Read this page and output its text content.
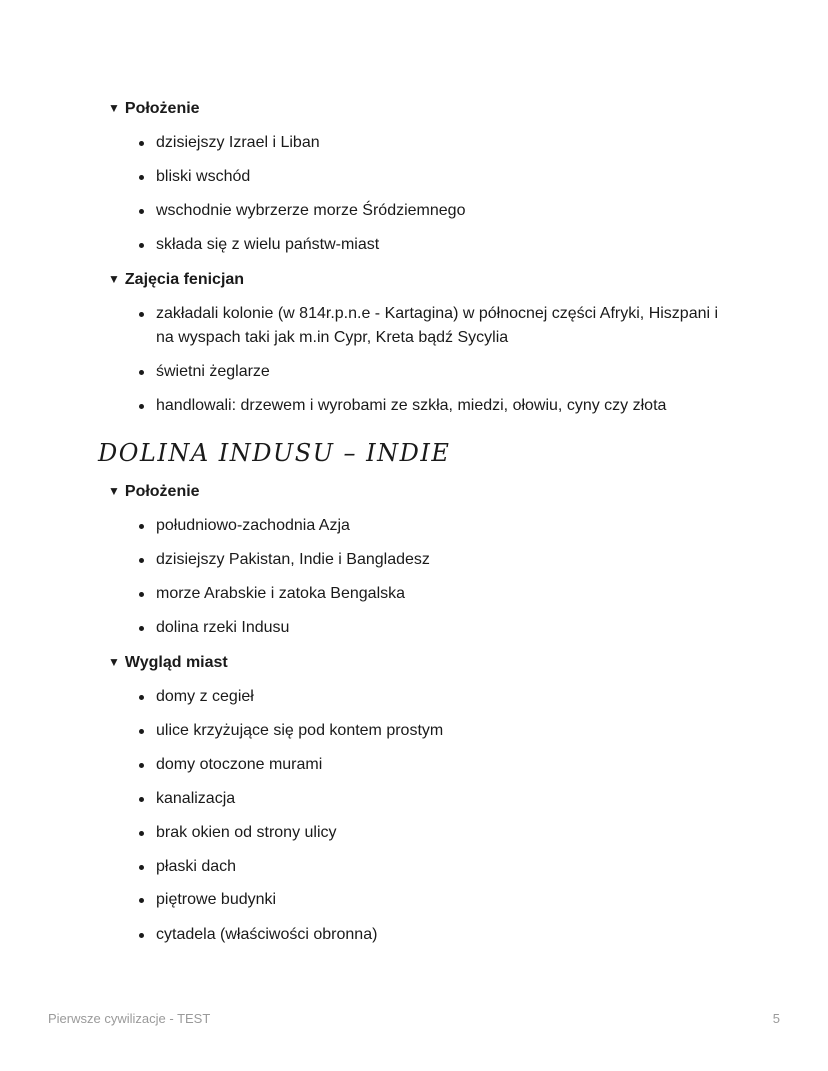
▼ Położenie
dzisiejszy Izrael i Liban
bliski wschód
wschodnie wybrzerze morze Śródziemnego
składa się z wielu państw-miast
▼ Zajęcia fenicjan
zakładali kolonie (w 814r.p.n.e - Kartagina) w północnej części Afryki, Hiszpani i
na wyspach taki jak m.in Cypr, Kreta bądź Sycylia
świetni żeglarze
handlowali: drzewem i wyrobami ze szkła, miedzi, ołowiu, cyny czy złota
DOLINA INDUSU – INDIE
▼ Położenie
południowo-zachodnia Azja
dzisiejszy Pakistan, Indie i Bangladesz
morze Arabskie i zatoka Bengalska
dolina rzeki Indusu
▼ Wygląd miast
domy z cegieł
ulice krzyżujące się pod kontem prostym
domy otoczone murami
kanalizacja
brak okien od strony ulicy
płaski dach
piętrowe budynki
cytadela (właściwości obronna)
Pierwsze cywilizacje - TEST	5
